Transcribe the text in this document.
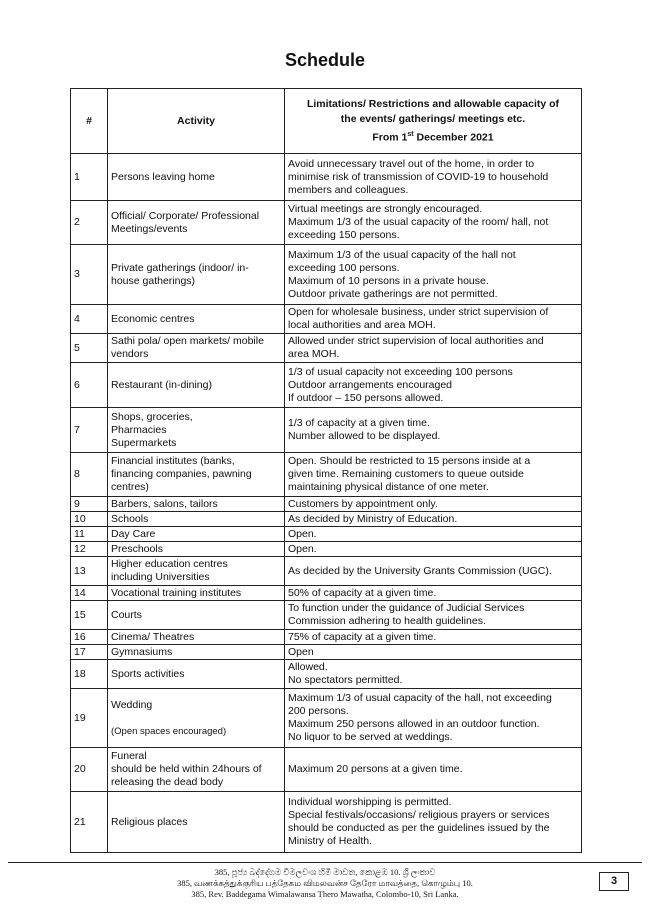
Schedule
#	Activity	Limitations/ Restrictions and allowable capacity of
the events/ gatherings/ meetings etc.
From 1st December 2021

1	Persons leaving home	Avoid unnecessary travel out of the home, in order to
minimise risk of transmission of COVID-19 to household
members and colleagues.

2	Official/ Corporate/ Professional
Meetings/events	Virtual meetings are strongly encouraged.
Maximum 1/3 of the usual capacity of the room/ hall, not
exceeding 150 persons.

3	Private gatherings (indoor/ in-
house gatherings)	Maximum 1/3 of the usual capacity of the hall not
exceeding 100 persons.
Maximum of 10 persons in a private house.
Outdoor private gatherings are not permitted.

4	Economic centres	Open for wholesale business, under strict supervision of
local authorities and area MOH.

5	Sathi pola/ open markets/ mobile
vendors	Allowed under strict supervision of local authorities and
area MOH.

6	Restaurant (in-dining)	1/3 of usual capacity not exceeding 100 persons
Outdoor arrangements encouraged
If outdoor – 150 persons allowed.

7	Shops, groceries,
Pharmacies
Supermarkets	1/3 of capacity at a given time.
Number allowed to be displayed.

8	Financial institutes (banks,
financing companies, pawning
centres)	Open. Should be restricted to 15 persons inside at a
given time. Remaining customers to queue outside
maintaining physical distance of one meter.

9	Barbers, salons, tailors	Customers by appointment only.

10	Schools	As decided by Ministry of Education.

11	Day Care	Open.

12	Preschools	Open.

13	Higher education centres
including Universities	As decided by the University Grants Commission (UGC).

14	Vocational training institutes	50% of capacity at a given time.

15	Courts	To function under the guidance of Judicial Services
Commission adhering to health guidelines.

16	Cinema/ Theatres	75% of capacity at a given time.

17	Gymnasiums	Open

18	Sports activities	Allowed.
No spectators permitted.

19	Wedding

(Open spaces encouraged)	Maximum 1/3 of usual capacity of the hall, not exceeding
200 persons.
Maximum 250 persons allowed in an outdoor function.
No liquor to be served at weddings.

20	Funeral
should be held within 24hours of
releasing the dead body	Maximum 20 persons at a given time.

21	Religious places	Individual worshipping is permitted.
Special festivals/occasions/ religious prayers or services
should be conducted as per the guidelines issued by the
Ministry of Health.
385, පූජ්‍ය බද්දේගම විමලවංශ හිමි මාවත, කොළඹ 10. ශ්‍රී ලංකාව
385, வணக்கத்துக்குரிய பத்தேகம விமலவன்ச தேரோ மாவத்தை, கொழும்பு 10.
385, Rev. Baddegama Wimalawansa Thero Mawatha, Colombo-10, Sri Lanka.
3
